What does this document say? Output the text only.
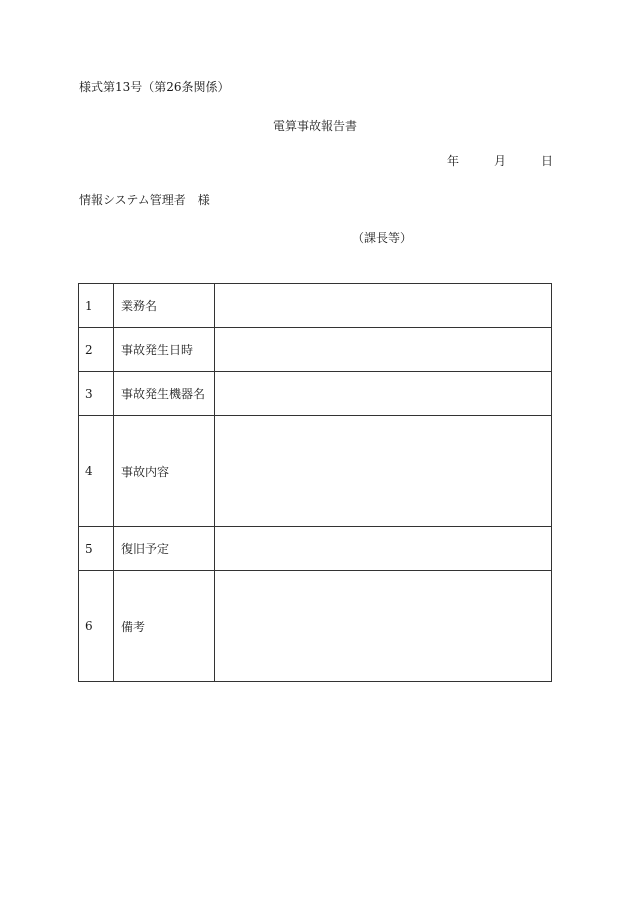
様式第13号（第26条関係）
電算事故報告書
年	月	日
情報システム管理者　様
（課長等）
1	業務名	
2	事故発生日時	
3	事故発生機器名	
4	事故内容	
5	復旧予定	
6	備考	
